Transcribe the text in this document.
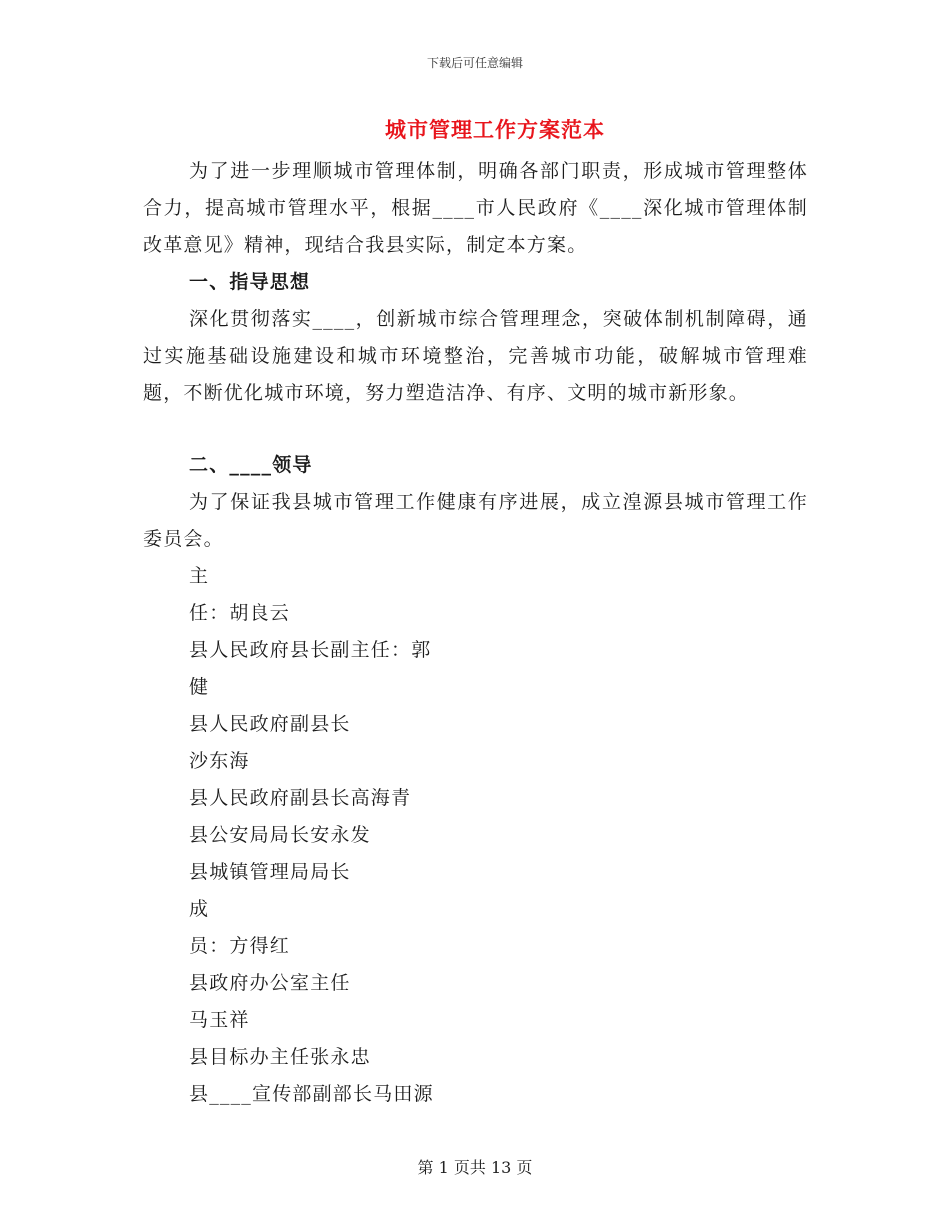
下载后可任意编辑
城市管理工作方案范本

为了进一步理顺城市管理体制，明确各部门职责，形成城市管理整体合力，提高城市管理水平，根据____市人民政府《____深化城市管理体制改革意见》精神，现结合我县实际，制定本方案。

一、指导思想

深化贯彻落实____，创新城市综合管理理念，突破体制机制障碍，通过实施基础设施建设和城市环境整治，完善城市功能，破解城市管理难题，不断优化城市环境，努力塑造洁净、有序、文明的城市新形象。

二、____领导

为了保证我县城市管理工作健康有序进展，成立湟源县城市管理工作委员会。

主
任：胡良云
县人民政府县长副主任：郭
健
县人民政府副县长
沙东海
县人民政府副县长高海青
县公安局局长安永发
县城镇管理局局长
成
员：方得红
县政府办公室主任
马玉祥
县目标办主任张永忠
县____宣传部副部长马田源
第 1 页共 13 页
